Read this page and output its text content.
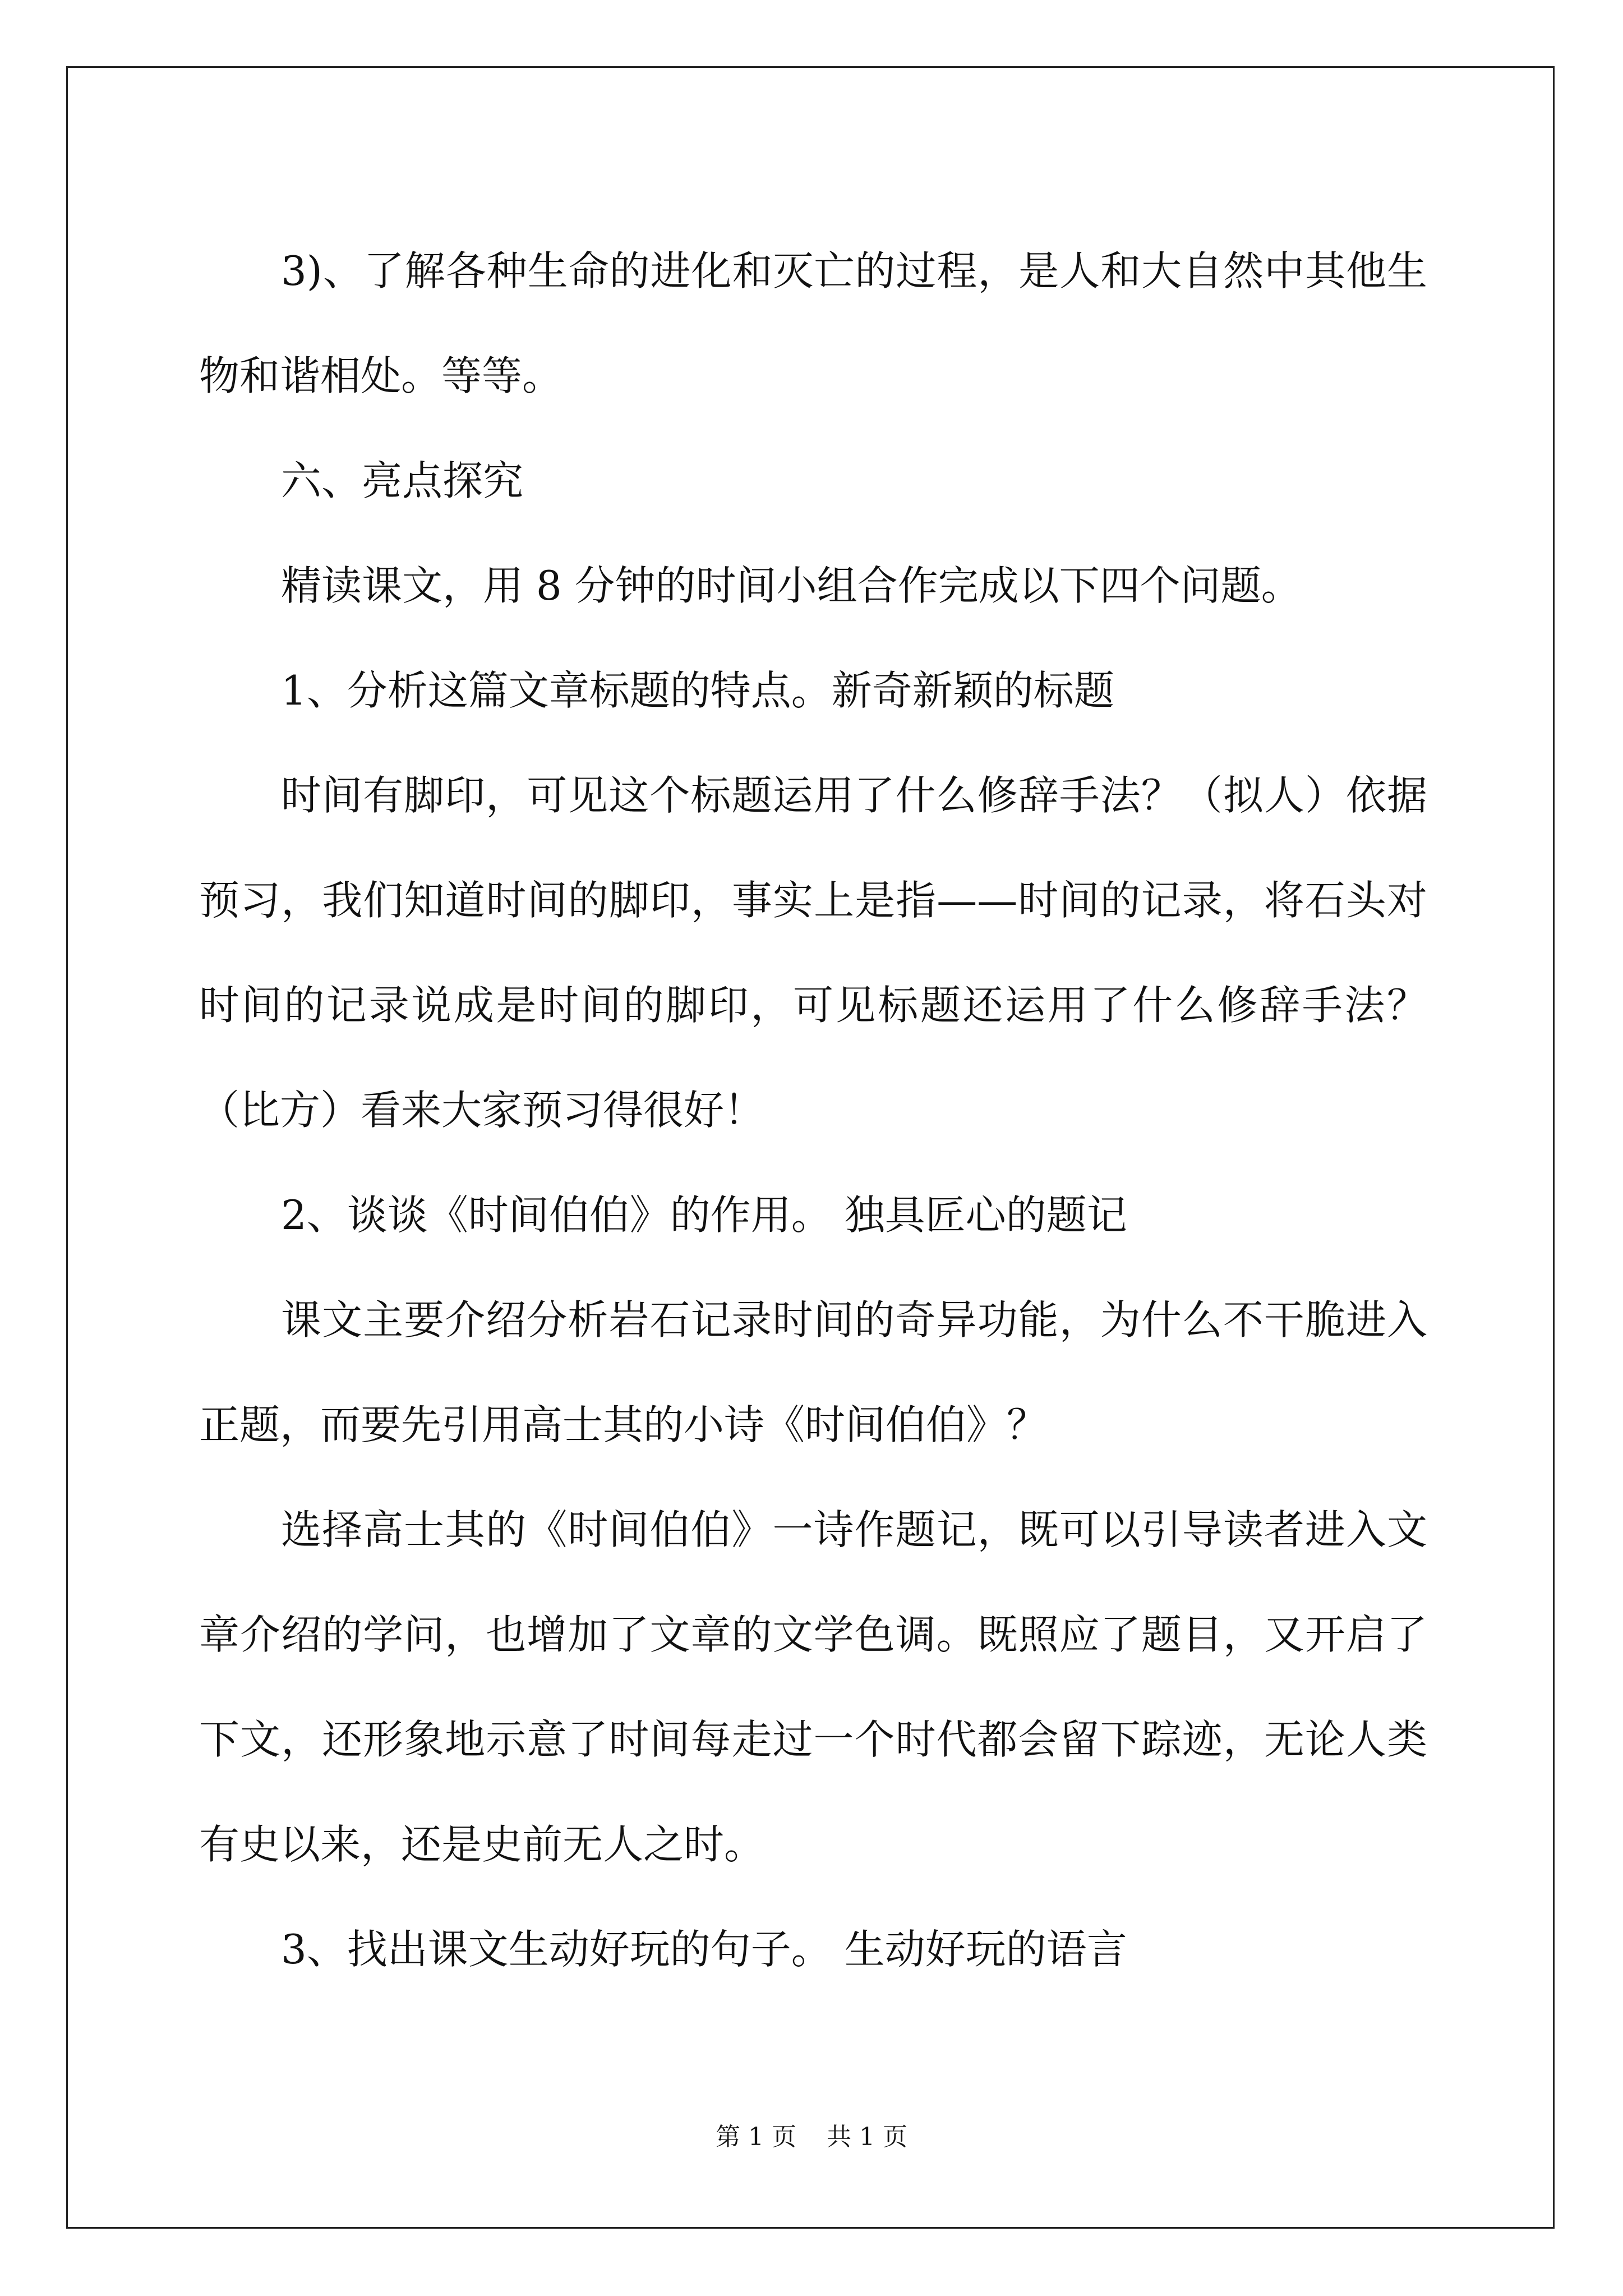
3)、了解各种生命的进化和灭亡的过程，是人和大自然中其他生物和谐相处。等等。

六、亮点探究

精读课文，用 8 分钟的时间小组合作完成以下四个问题。

1、分析这篇文章标题的特点。新奇新颖的标题

时间有脚印，可见这个标题运用了什么修辞手法？（拟人）依据预习，我们知道时间的脚印，事实上是指——时间的记录，将石头对时间的记录说成是时间的脚印，可见标题还运用了什么修辞手法？（比方）看来大家预习得很好！

2、谈谈《时间伯伯》的作用。 独具匠心的题记

课文主要介绍分析岩石记录时间的奇异功能，为什么不干脆进入正题，而要先引用高士其的小诗《时间伯伯》？

选择高士其的《时间伯伯》一诗作题记，既可以引导读者进入文章介绍的学问，也增加了文章的文学色调。既照应了题目，又开启了下文，还形象地示意了时间每走过一个时代都会留下踪迹，无论人类有史以来，还是史前无人之时。

3、找出课文生动好玩的句子。 生动好玩的语言

第 1 页 共 1 页
